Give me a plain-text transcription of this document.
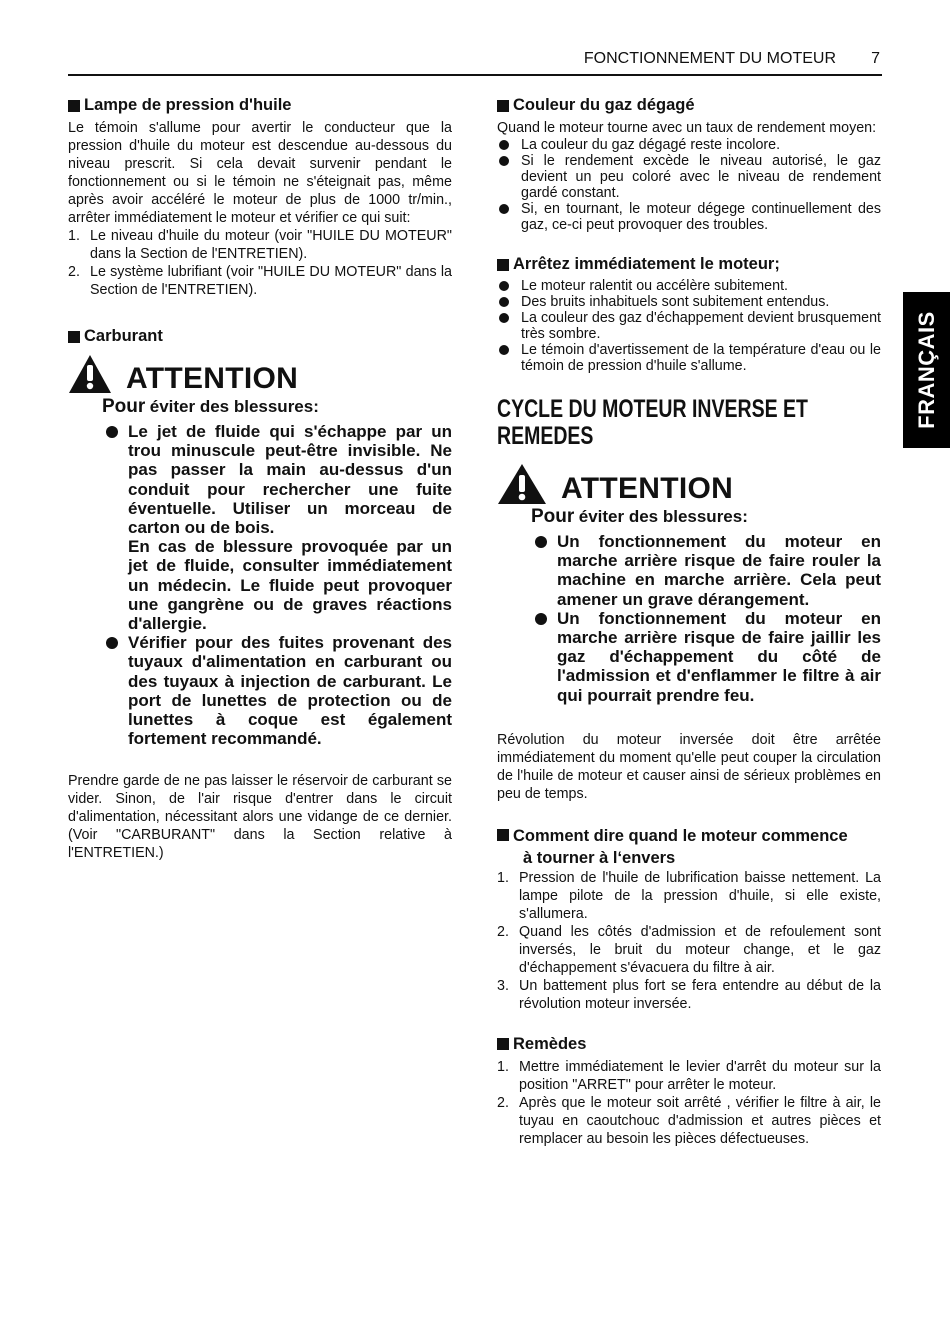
FONCTIONNEMENT DU MOTEUR 7
FRANÇAIS
Lampe de pression d'huile

Le témoin s'allume pour avertir le conducteur que la pression d'huile du moteur est descendue au-dessous du niveau prescrit. Si cela devait survenir pendant le fonctionnement ou si le témoin ne s'éteignait pas, même après avoir accéléré le moteur de plus de 1000 tr/min., arrêter immédiatement le moteur et vérifier ce qui suit:

1. Le niveau d'huile du moteur (voir "HUILE DU MOTEUR" dans la Section de l'ENTRETIEN).
2. Le système lubrifiant (voir "HUILE DU MOTEUR" dans la Section de l'ENTRETIEN).
Carburant
ATTENTION
Pour éviter des blessures:
Le jet de fluide qui s'échappe par un trou minuscule peut-être invisible. Ne pas passer la main au-dessus d'un conduit pour rechercher une fuite éventuelle. Utiliser un morceau de carton ou de bois.
En cas de blessure provoquée par un jet de fluide, consulter immédiatement un médecin. Le fluide peut provoquer une gangrène ou de graves réactions d'allergie.
Vérifier pour des fuites provenant des tuyaux d'alimentation en carburant ou des tuyaux à injection de carburant. Le port de lunettes de protection ou de lunettes à coque est également fortement recommandé.

Prendre garde de ne pas laisser le réservoir de carburant se vider. Sinon, de l'air risque d'entrer dans le circuit d'alimentation, nécessitant alors une vidange de ce dernier. (Voir "CARBURANT" dans la Section relative à l'ENTRETIEN.)

Couleur du gaz dégagé

Quand le moteur tourne avec un taux de rendement moyen:

La couleur du gaz dégagé reste incolore.
Si le rendement excède le niveau autorisé, le gaz devient un peu coloré avec le niveau de rendement gardé constant.
Si, en tournant, le moteur dégege continuellement des gaz, ce-ci peut provoquer des troubles.
Arrêtez immédiatement le moteur;
Le moteur ralentit ou accélère subitement.
Des bruits inhabituels sont subitement entendus.
La couleur des gaz d'échappement devient brusquement très sombre.
Le témoin d'avertissement de la température d'eau ou le témoin de pression d'huile s'allume.
CYCLE DU MOTEUR INVERSE ET
REMEDES
ATTENTION
Pour éviter des blessures:
Un fonctionnement du moteur en marche arrière risque de faire rouler la machine en marche arrière. Cela peut amener un grave dérangement.
Un fonctionnement du moteur en marche arrière risque de faire jaillir les gaz d'échappement du côté de l'admission et d'enflammer le filtre à air qui pourrait prendre feu.

Révolution du moteur inversée doit être arrêtée immédiatement du moment qu'elle peut couper la circulation de l'huile de moteur et causer ainsi de sérieux problèmes en peu de temps.

Comment dire quand le moteur commence
à tourner à l‘envers
1. Pression de l'huile de lubrification baisse nettement. La lampe pilote de la pression d'huile, si elle existe, s'allumera.
2. Quand les côtés d'admission et de refoulement sont inversés, le bruit du moteur change, et le gaz d'échappement s'évacuera du filtre à air.
3. Un battement plus fort se fera entendre au début de la révolution moteur inversée.
Remèdes
1. Mettre immédiatement le levier d'arrêt du moteur sur la position "ARRET" pour arrêter le moteur.
2. Après que le moteur soit arrêté , vérifier le filtre à air, le tuyau en caoutchouc d'admission et autres pièces et remplacer au besoin les pièces défectueuses.
